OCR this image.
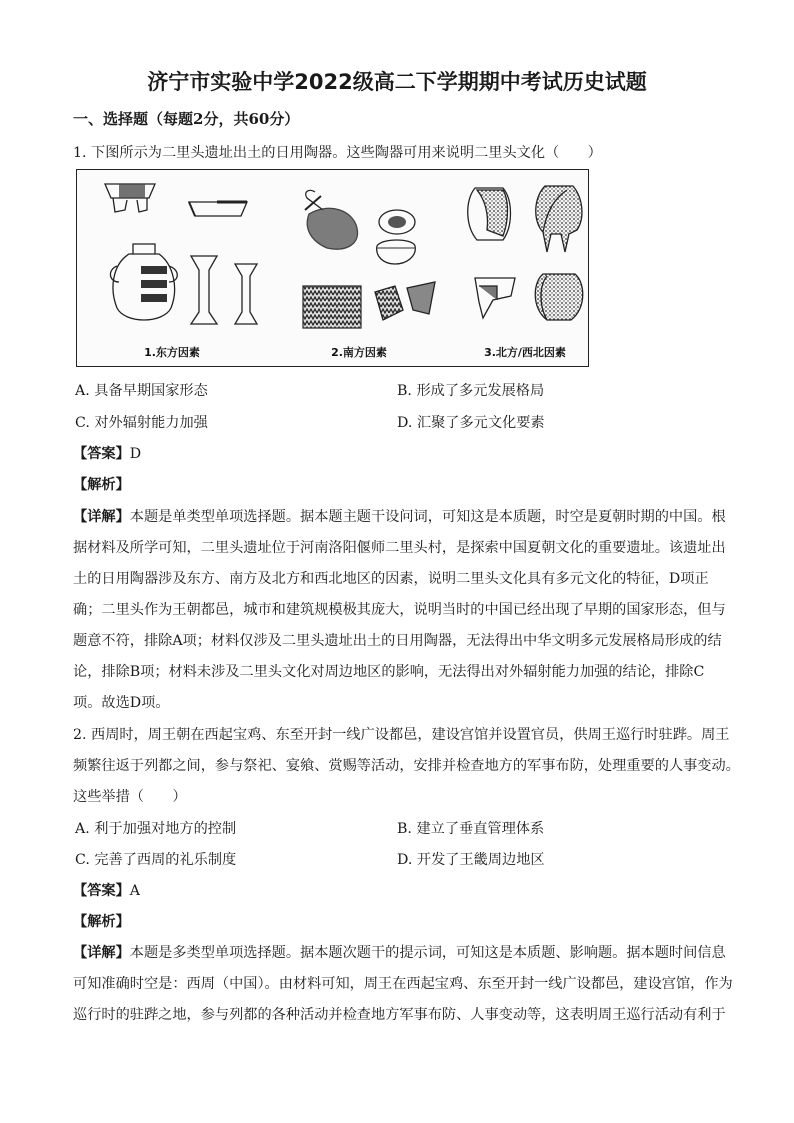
济宁市实验中学2022级高二下学期期中考试历史试题
一、选择题（每题2分，共60分）
1. 下图所示为二里头遗址出土的日用陶器。这些陶器可用来说明二里头文化（　　）
1.东方因素	2.南方因素	3.北方/西北因素
A. 具备早期国家形态	B. 形成了多元发展格局
C. 对外辐射能力加强	D. 汇聚了多元文化要素
【答案】D
【解析】
【详解】本题是单类型单项选择题。据本题主题干设问词，可知这是本质题，时空是夏朝时期的中国。根
据材料及所学可知，二里头遗址位于河南洛阳偃师二里头村，是探索中国夏朝文化的重要遗址。该遗址出
土的日用陶器涉及东方、南方及北方和西北地区的因素，说明二里头文化具有多元文化的特征，D项正
确；二里头作为王朝都邑，城市和建筑规模极其庞大，说明当时的中国已经出现了早期的国家形态，但与
题意不符，排除A项；材料仅涉及二里头遗址出土的日用陶器，无法得出中华文明多元发展格局形成的结
论，排除B项；材料未涉及二里头文化对周边地区的影响，无法得出对外辐射能力加强的结论，排除C
项。故选D项。
2. 西周时，周王朝在西起宝鸡、东至开封一线广设都邑，建设宫馆并设置官员，供周王巡行时驻跸。周王
频繁往返于列都之间，参与祭祀、宴飨、赏赐等活动，安排并检查地方的军事布防，处理重要的人事变动。
这些举措（　　）
A. 利于加强对地方的控制	B. 建立了垂直管理体系
C. 完善了西周的礼乐制度	D. 开发了王畿周边地区
【答案】A
【解析】
【详解】本题是多类型单项选择题。据本题次题干的提示词，可知这是本质题、影响题。据本题时间信息
可知准确时空是：西周（中国）。由材料可知，周王在西起宝鸡、东至开封一线广设都邑，建设宫馆，作为
巡行时的驻跸之地，参与列都的各种活动并检查地方军事布防、人事变动等，这表明周王巡行活动有利于
